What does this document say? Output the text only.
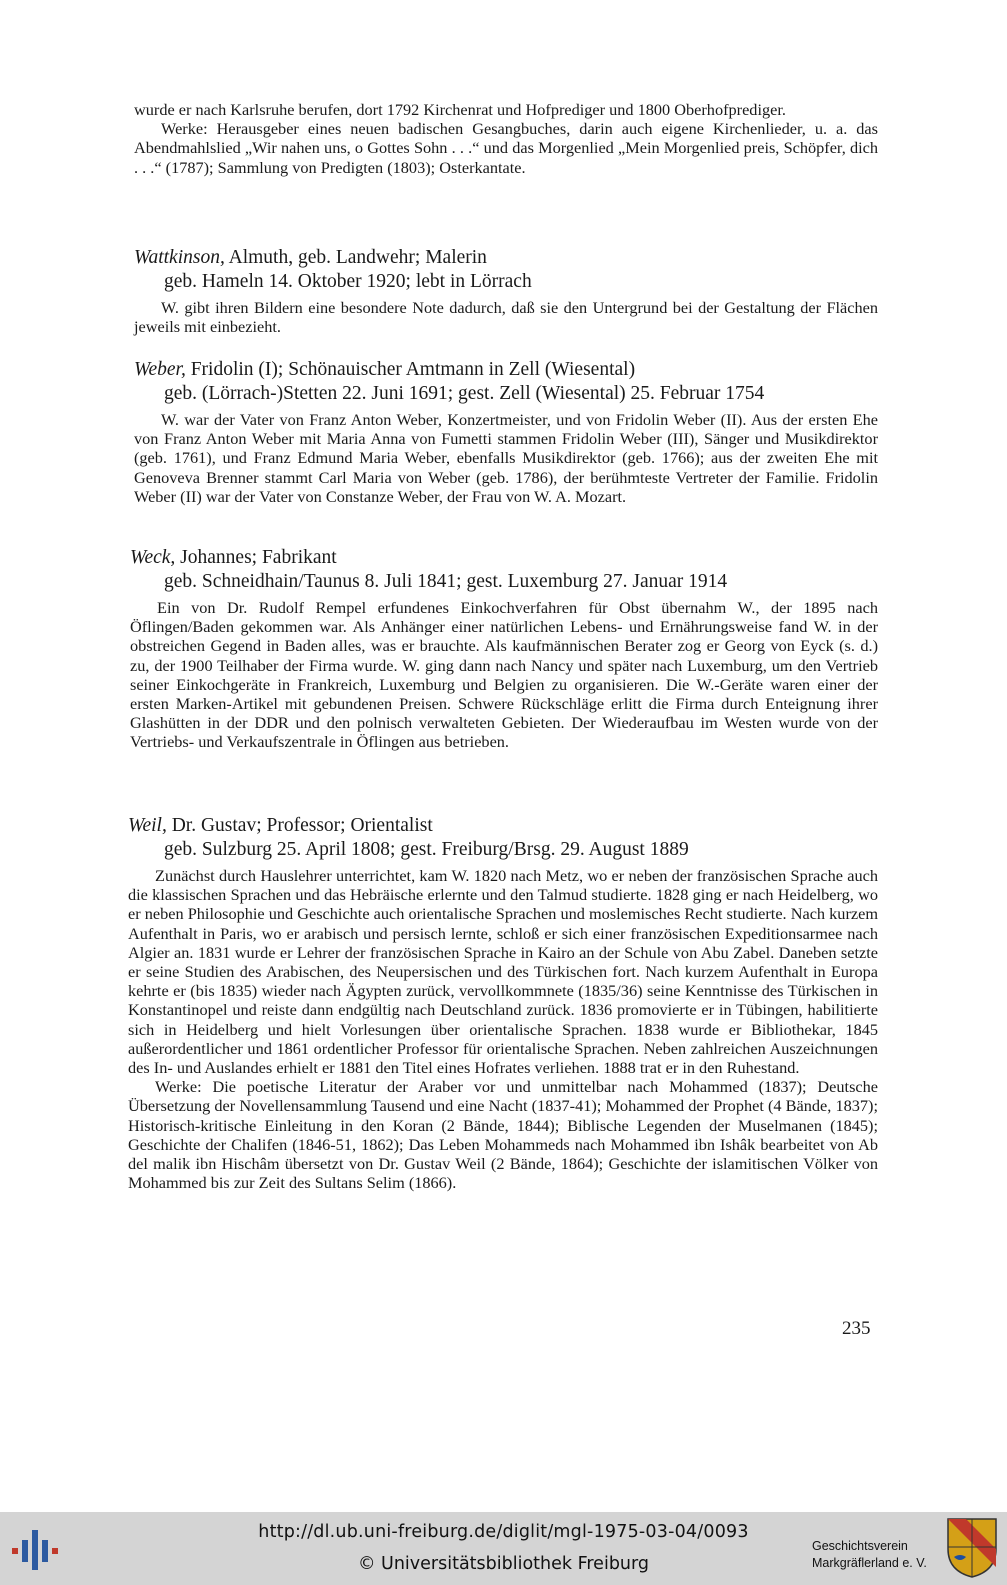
wurde er nach Karlsruhe berufen, dort 1792 Kirchenrat und Hofprediger und 1800 Oberhofprediger.

Werke: Herausgeber eines neuen badischen Gesangbuches, darin auch eigene Kirchenlieder, u. a. das Abendmahlslied „Wir nahen uns, o Gottes Sohn . . .“ und das Morgenlied „Mein Morgenlied preis, Schöpfer, dich . . .“ (1787); Sammlung von Predigten (1803); Osterkantate.

Wattkinson, Almuth, geb. Landwehr; Malerin
geb. Hameln 14. Oktober 1920; lebt in Lörrach

W. gibt ihren Bildern eine besondere Note dadurch, daß sie den Untergrund bei der Gestaltung der Flächen jeweils mit einbezieht.

Weber, Fridolin (I); Schönauischer Amtmann in Zell (Wiesental)
geb. (Lörrach-)Stetten 22. Juni 1691; gest. Zell (Wiesental) 25. Februar 1754

W. war der Vater von Franz Anton Weber, Konzertmeister, und von Fridolin Weber (II). Aus der ersten Ehe von Franz Anton Weber mit Maria Anna von Fumetti stammen Fridolin Weber (III), Sänger und Musikdirektor (geb. 1761), und Franz Edmund Maria Weber, ebenfalls Musikdirektor (geb. 1766); aus der zweiten Ehe mit Genoveva Brenner stammt Carl Maria von Weber (geb. 1786), der berühmteste Vertreter der Familie. Fridolin Weber (II) war der Vater von Constanze Weber, der Frau von W. A. Mozart.

Weck, Johannes; Fabrikant
geb. Schneidhain/Taunus 8. Juli 1841; gest. Luxemburg 27. Januar 1914

Ein von Dr. Rudolf Rempel erfundenes Einkochverfahren für Obst übernahm W., der 1895 nach Öflingen/Baden gekommen war. Als Anhänger einer natürlichen Lebens- und Ernährungsweise fand W. in der obstreichen Gegend in Baden alles, was er brauchte. Als kaufmännischen Berater zog er Georg von Eyck (s. d.) zu, der 1900 Teilhaber der Firma wurde. W. ging dann nach Nancy und später nach Luxemburg, um den Vertrieb seiner Einkochgeräte in Frankreich, Luxemburg und Belgien zu organisieren. Die W.-Geräte waren einer der ersten Marken-Artikel mit gebundenen Preisen. Schwere Rückschläge erlitt die Firma durch Enteignung ihrer Glashütten in der DDR und den polnisch verwalteten Gebieten. Der Wiederaufbau im Westen wurde von der Vertriebs- und Verkaufszentrale in Öflingen aus betrieben.

Weil, Dr. Gustav; Professor; Orientalist
geb. Sulzburg 25. April 1808; gest. Freiburg/Brsg. 29. August 1889

Zunächst durch Hauslehrer unterrichtet, kam W. 1820 nach Metz, wo er neben der französischen Sprache auch die klassischen Sprachen und das Hebräische erlernte und den Talmud studierte. 1828 ging er nach Heidelberg, wo er neben Philosophie und Geschichte auch orientalische Sprachen und moslemisches Recht studierte. Nach kurzem Aufenthalt in Paris, wo er arabisch und persisch lernte, schloß er sich einer französischen Expeditionsarmee nach Algier an. 1831 wurde er Lehrer der französischen Sprache in Kairo an der Schule von Abu Zabel. Daneben setzte er seine Studien des Arabischen, des Neupersischen und des Türkischen fort. Nach kurzem Aufenthalt in Europa kehrte er (bis 1835) wieder nach Ägypten zurück, vervollkommnete (1835/36) seine Kenntnisse des Türkischen in Konstantinopel und reiste dann endgültig nach Deutschland zurück. 1836 promovierte er in Tübingen, habilitierte sich in Heidelberg und hielt Vorlesungen über orientalische Sprachen. 1838 wurde er Bibliothekar, 1845 außerordentlicher und 1861 ordentlicher Professor für orientalische Sprachen. Neben zahlreichen Auszeichnungen des In- und Auslandes erhielt er 1881 den Titel eines Hofrates verliehen. 1888 trat er in den Ruhestand.

Werke: Die poetische Literatur der Araber vor und unmittelbar nach Mohammed (1837); Deutsche Übersetzung der Novellensammlung Tausend und eine Nacht (1837-41); Mohammed der Prophet (4 Bände, 1837); Historisch-kritische Einleitung in den Koran (2 Bände, 1844); Biblische Legenden der Muselmanen (1845); Geschichte der Chalifen (1846-51, 1862); Das Leben Mohammeds nach Mohammed ibn Ishâk bearbeitet von Ab del malik ibn Hischâm übersetzt von Dr. Gustav Weil (2 Bände, 1864); Geschichte der islamitischen Völker von Mohammed bis zur Zeit des Sultans Selim (1866).

235
http://dl.ub.uni-freiburg.de/diglit/mgl-1975-03-04/0093
© Universitätsbibliothek Freiburg
Geschichtsverein
Markgräflerland e. V.
